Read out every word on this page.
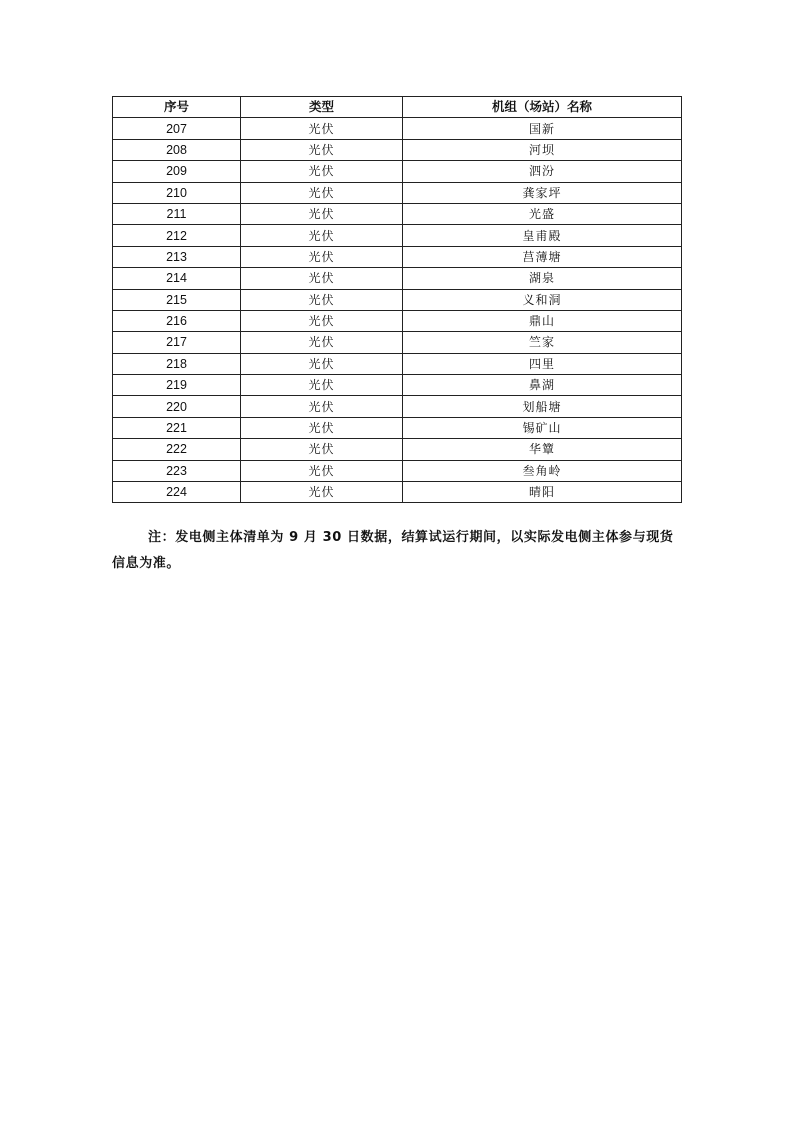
序号	类型	机组（场站）名称
207	光伏	国新
208	光伏	河坝
209	光伏	泗汾
210	光伏	龚家坪
211	光伏	光盛
212	光伏	皇甫殿
213	光伏	莒薄塘
214	光伏	湖泉
215	光伏	义和洞
216	光伏	鼎山
217	光伏	竺家
218	光伏	四里
219	光伏	鼻湖
220	光伏	划船塘
221	光伏	锡矿山
222	光伏	华簟
223	光伏	叁角岭
224	光伏	晴阳

注：发电侧主体清单为 9 月 30 日数据，结算试运行期间，以实际发电侧主体参与现货信息为准。
